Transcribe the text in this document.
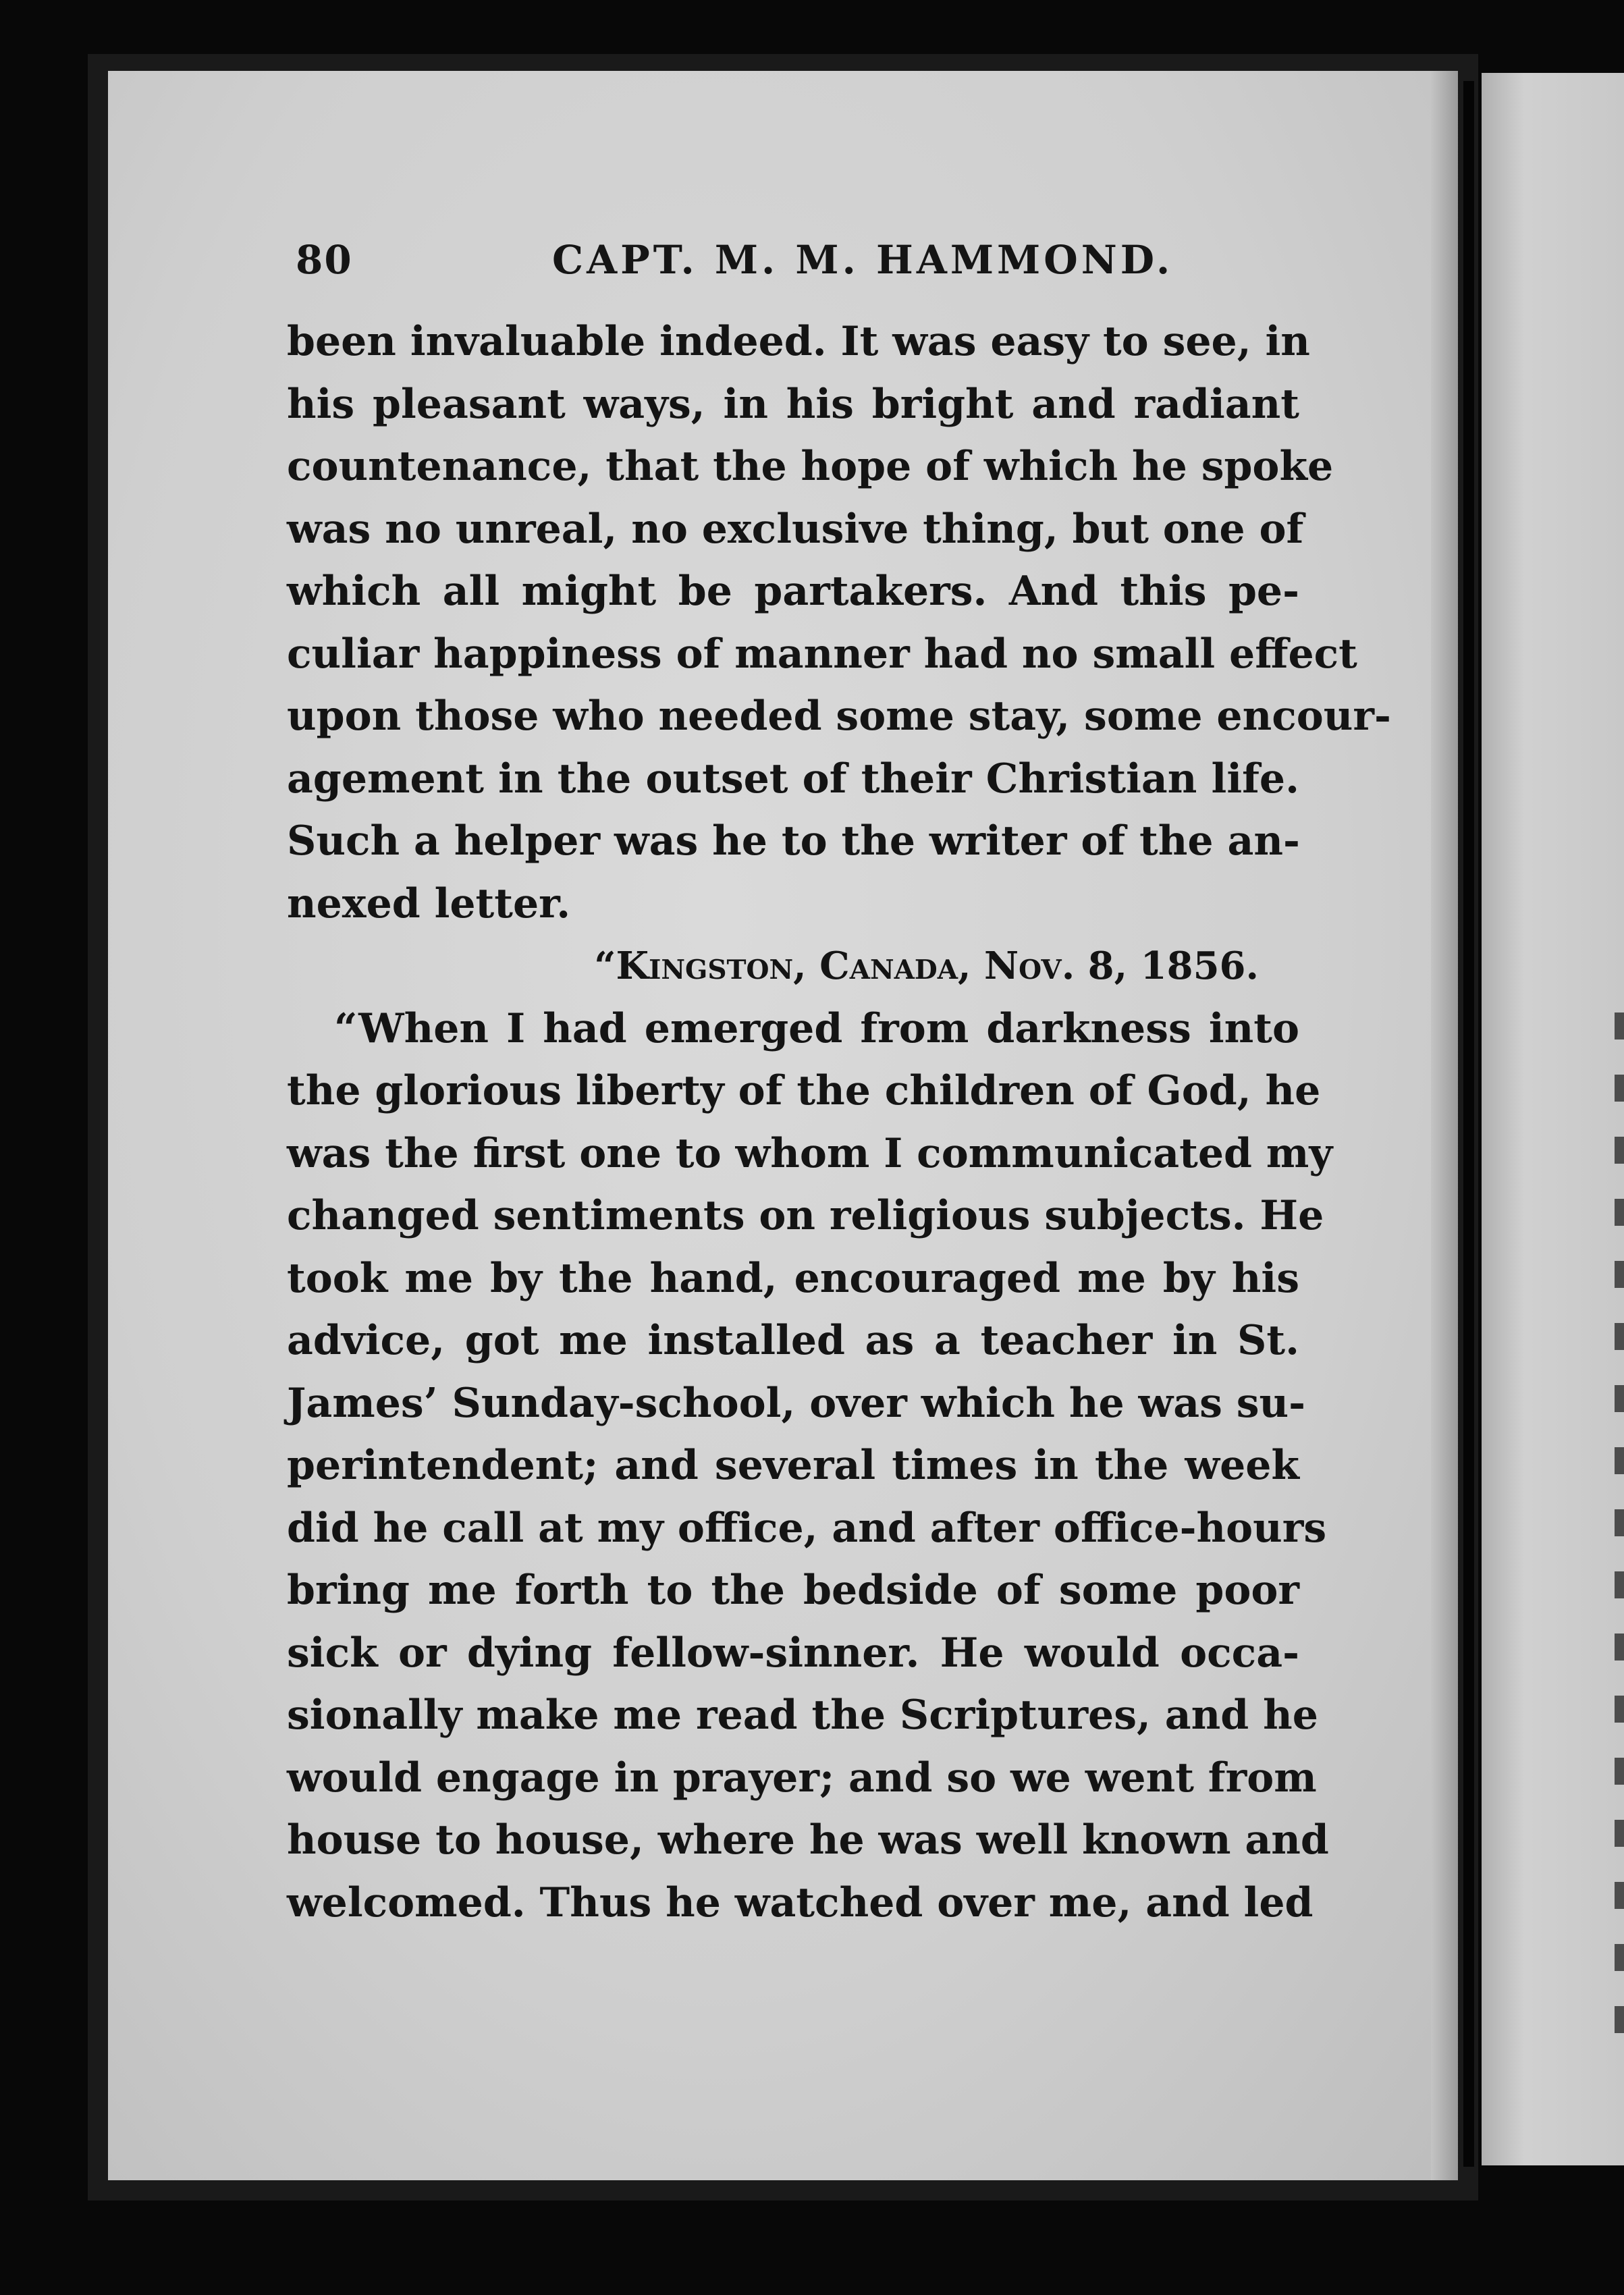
80	CAPT. M. M. HAMMOND.
been invaluable indeed. It was easy to see, in
his pleasant ways, in his bright and radiant
countenance, that the hope of which he spoke
was no unreal, no exclusive thing, but one of
which all might be partakers. And this pe-
culiar happiness of manner had no small effect
upon those who needed some stay, some encour-
agement in the outset of their Christian life.
Such a helper was he to the writer of the an-
nexed letter.
“Kingston, Canada, Nov. 8, 1856.
“When I had emerged from darkness into
the glorious liberty of the children of God, he
was the first one to whom I communicated my
changed sentiments on religious subjects. He
took me by the hand, encouraged me by his
advice, got me installed as a teacher in St.
James’ Sunday-school, over which he was su-
perintendent; and several times in the week
did he call at my office, and after office-hours
bring me forth to the bedside of some poor
sick or dying fellow-sinner. He would occa-
sionally make me read the Scriptures, and he
would engage in prayer; and so we went from
house to house, where he was well known and
welcomed. Thus he watched over me, and led
